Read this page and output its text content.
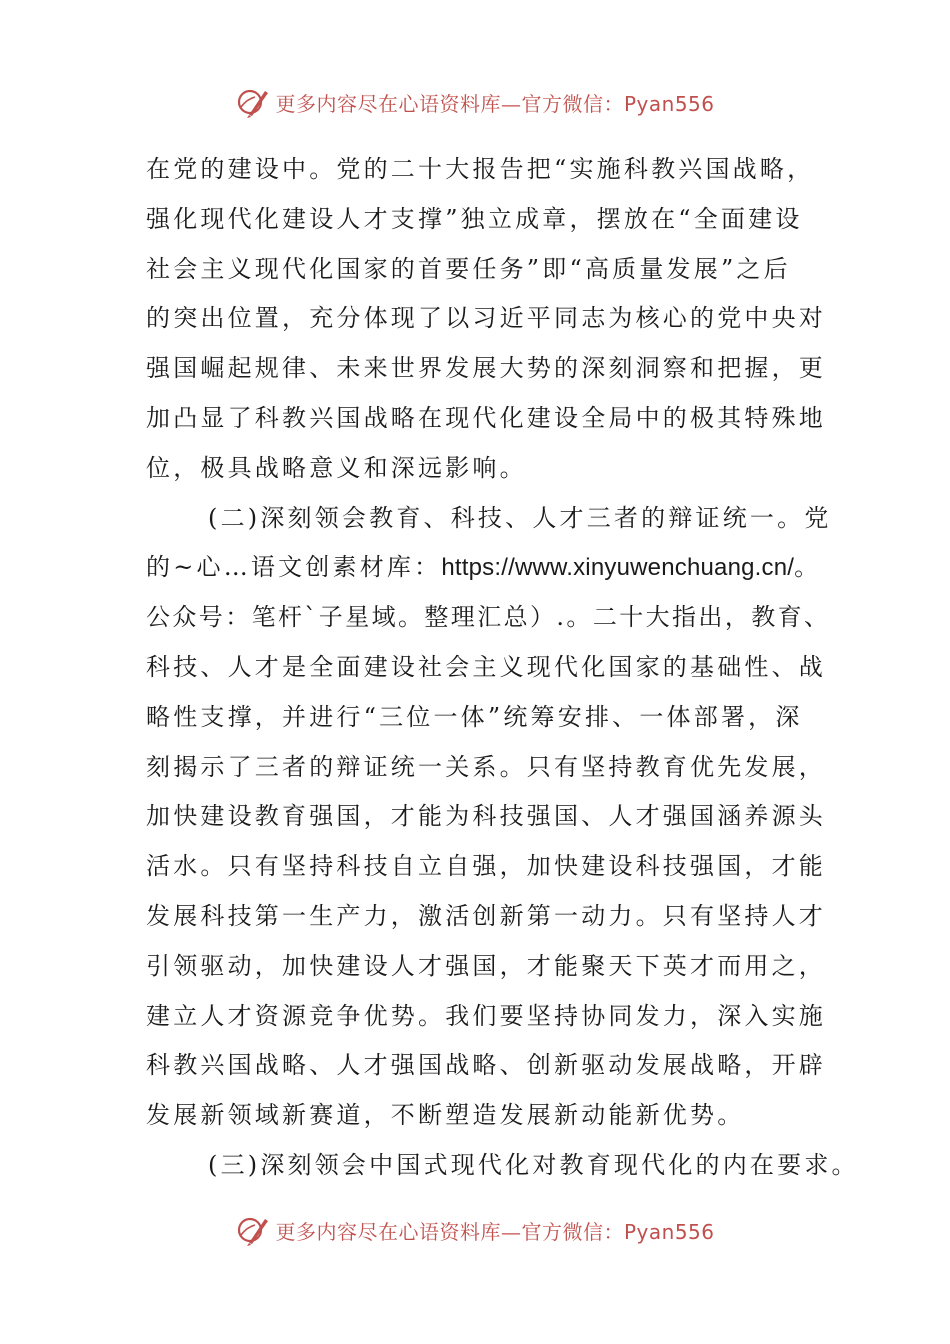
更多内容尽在心语资料库—官方微信：Pyan556
在党的建设中。党的二十大报告把“实施科教兴国战略，
强化现代化建设人才支撑”独立成章，摆放在“全面建设
社会主义现代化国家的首要任务”即“高质量发展”之后
的突出位置，充分体现了以习近平同志为核心的党中央对
强国崛起规律、未来世界发展大势的深刻洞察和把握，更
加凸显了科教兴国战略在现代化建设全局中的极其特殊地
位，极具战略意义和深远影响。
(二)深刻领会教育、科技、人才三者的辩证统一。党
的~心…语文创素材库：https://www.xinyuwenchuang.cn/。
公众号：笔杆`子星域。整理汇总）.。二十大指出，教育、
科技、人才是全面建设社会主义现代化国家的基础性、战
略性支撑，并进行“三位一体”统筹安排、一体部署，深
刻揭示了三者的辩证统一关系。只有坚持教育优先发展，
加快建设教育强国，才能为科技强国、人才强国涵养源头
活水。只有坚持科技自立自强，加快建设科技强国，才能
发展科技第一生产力，激活创新第一动力。只有坚持人才
引领驱动，加快建设人才强国，才能聚天下英才而用之，
建立人才资源竞争优势。我们要坚持协同发力，深入实施
科教兴国战略、人才强国战略、创新驱动发展战略，开辟
发展新领域新赛道，不断塑造发展新动能新优势。
(三)深刻领会中国式现代化对教育现代化的内在要求。
更多内容尽在心语资料库—官方微信：Pyan556
